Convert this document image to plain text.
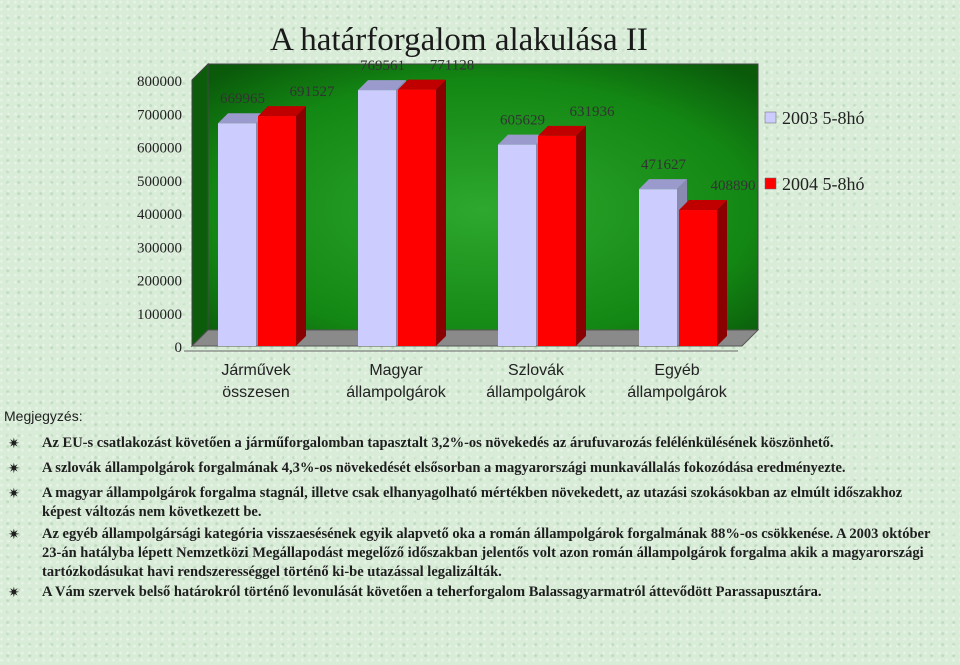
A határforgalom alakulása II
0
100000
200000
300000
400000
500000
600000
700000
800000
669965
769561
605629
471627
691527
771128
631936
408890
Járművek
összesen
Magyar
állampolgárok
Szlovák
állampolgárok
Egyéb
állampolgárok
2003 5-8hó
2004 5-8hó
Megjegyzés:
✷ Az EU-s csatlakozást követően a járműforgalomban tapasztalt 3,2%-os növekedés az árufuvarozás felélénkülésének köszönhető.
✷ A szlovák állampolgárok forgalmának 4,3%-os növekedését elsősorban a magyarországi munkavállalás fokozódása eredményezte.
✷ A magyar állampolgárok forgalma stagnál, illetve csak elhanyagolható mértékben növekedett, az utazási szokásokban az elmúlt időszakhoz képest változás nem következett be.
✷ Az egyéb állampolgársági kategória visszaesésének egyik alapvető oka a román állampolgárok forgalmának 88%-os csökkenése. A 2003 október 23-án hatályba lépett Nemzetközi Megállapodást megelőző időszakban jelentős volt azon román állampolgárok forgalma akik a magyarországi tartózkodásukat havi rendszerességgel történő ki-be utazással legalizálták.
✷ A Vám szervek belső határokról történő levonulását követően a teherforgalom Balassagyarmatról áttevődött Parassapusztára.
